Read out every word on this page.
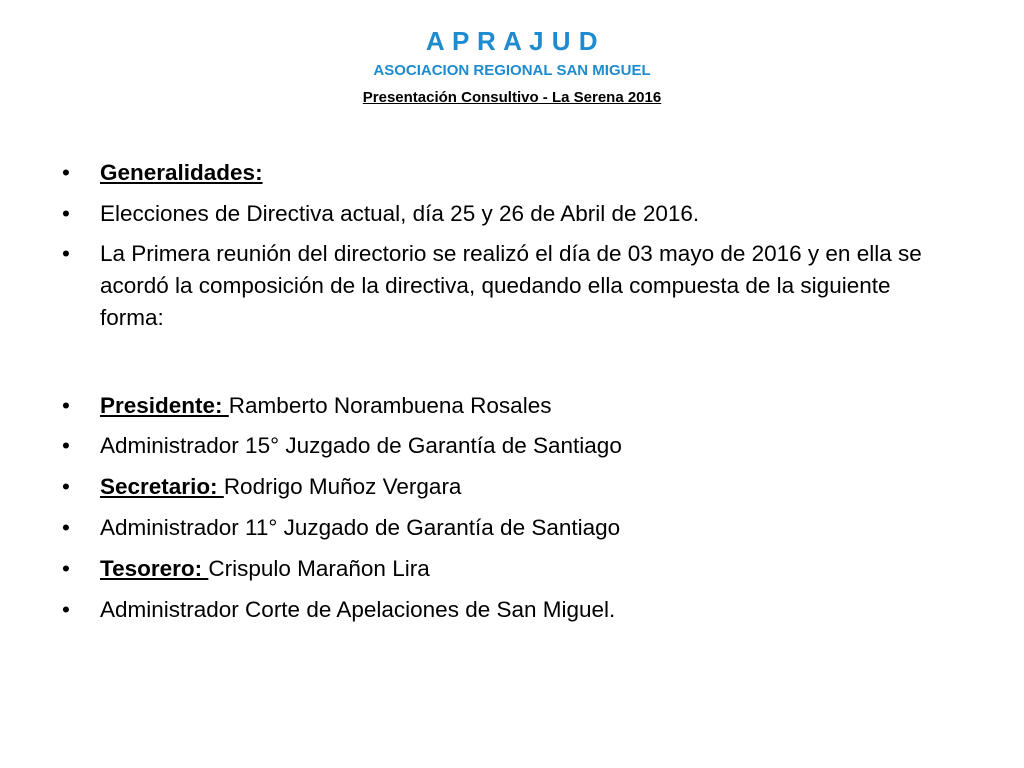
A P R A J U D
ASOCIACION REGIONAL SAN MIGUEL
Presentación Consultivo - La Serena 2016
•	Generalidades:
•	Elecciones de Directiva actual, día 25 y 26 de Abril de 2016.
•	La Primera reunión del directorio se realizó el día de 03 mayo de 2016 y en ella se acordó la composición de la directiva, quedando ella compuesta de la siguiente forma:
•	Presidente: Ramberto Norambuena Rosales
•	Administrador 15° Juzgado de Garantía de Santiago
•	Secretario: Rodrigo Muñoz Vergara
•	Administrador 11° Juzgado de Garantía de Santiago
•	Tesorero: Crispulo Marañon Lira
•	Administrador Corte de Apelaciones de San Miguel.
